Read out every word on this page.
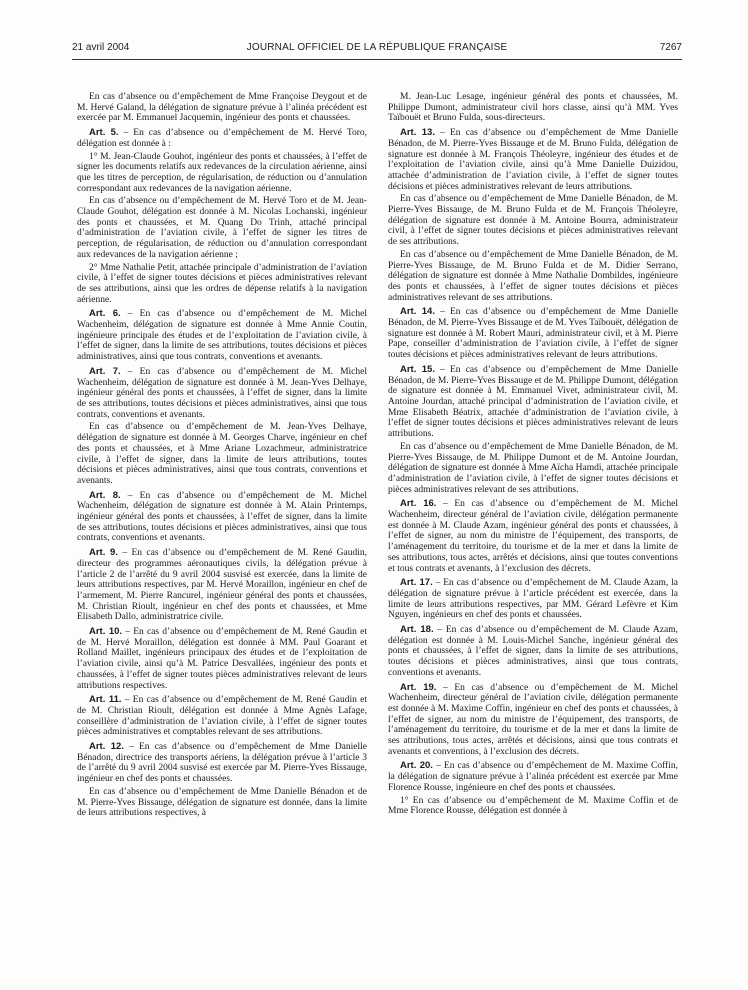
21 avril 2004	JOURNAL OFFICIEL DE LA RÉPUBLIQUE FRANÇAISE	7267

En cas d’absence ou d’empêchement de Mme Françoise Deygout et de M. Hervé Galand, la délégation de signature prévue à l’alinéa précédent est exercée par M. Emmanuel Jacquemin, ingénieur des ponts et chaussées.

Art. 5. – En cas d’absence ou d’empêchement de M. Hervé Toro, délégation est donnée à :

1° M. Jean-Claude Gouhot, ingénieur des ponts et chaussées, à l’effet de signer les documents relatifs aux redevances de la circulation aérienne, ainsi que les titres de perception, de régularisation, de réduction ou d’annulation correspondant aux redevances de la navigation aérienne.

En cas d’absence ou d’empêchement de M. Hervé Toro et de M. Jean-Claude Gouhot, délégation est donnée à M. Nicolas Lochanski, ingénieur des ponts et chaussées, et M. Quang Do Trinh, attaché principal d’administration de l’aviation civile, à l’effet de signer les titres de perception, de régularisation, de réduction ou d’annulation correspondant aux redevances de la navigation aérienne ;

2° Mme Nathalie Petit, attachée principale d’administration de l’aviation civile, à l’effet de signer toutes décisions et pièces administratives relevant de ses attributions, ainsi que les ordres de dépense relatifs à la navigation aérienne.

Art. 6. – En cas d’absence ou d’empêchement de M. Michel Wachenheim, délégation de signature est donnée à Mme Annie Coutin, ingénieure principale des études et de l’exploitation de l’aviation civile, à l’effet de signer, dans la limite de ses attributions, toutes décisions et pièces administratives, ainsi que tous contrats, conventions et avenants.

Art. 7. – En cas d’absence ou d’empêchement de M. Michel Wachenheim, délégation de signature est donnée à M. Jean-Yves Delhaye, ingénieur général des ponts et chaussées, à l’effet de signer, dans la limite de ses attributions, toutes décisions et pièces administratives, ainsi que tous contrats, conventions et avenants.

En cas d’absence ou d’empêchement de M. Jean-Yves Delhaye, délégation de signature est donnée à M. Georges Charve, ingénieur en chef des ponts et chaussées, et à Mme Ariane Lozachmeur, administratrice civile, à l’effet de signer, dans la limite de leurs attributions, toutes décisions et pièces administratives, ainsi que tous contrats, conventions et avenants.

Art. 8. – En cas d’absence ou d’empêchement de M. Michel Wachenheim, délégation de signature est donnée à M. Alain Printemps, ingénieur général des ponts et chaussées, à l’effet de signer, dans la limite de ses attributions, toutes décisions et pièces administratives, ainsi que tous contrats, conventions et avenants.

Art. 9. – En cas d’absence ou d’empêchement de M. René Gaudin, directeur des programmes aéronautiques civils, la délégation prévue à l’article 2 de l’arrêté du 9 avril 2004 susvisé est exercée, dans la limite de leurs attributions respectives, par M. Hervé Moraillon, ingénieur en chef de l’armement, M. Pierre Rancurel, ingénieur général des ponts et chaussées, M. Christian Rioult, ingénieur en chef des ponts et chaussées, et Mme Elisabeth Dallo, administratrice civile.

Art. 10. – En cas d’absence ou d’empêchement de M. René Gaudin et de M. Hervé Moraillon, délégation est donnée à MM. Paul Goarant et Rolland Maillet, ingénieurs principaux des études et de l’exploitation de l’aviation civile, ainsi qu’à M. Patrice Desvallées, ingénieur des ponts et chaussées, à l’effet de signer toutes pièces administratives relevant de leurs attributions respectives.

Art. 11. – En cas d’absence ou d’empêchement de M. René Gaudin et de M. Christian Rioult, délégation est donnée à Mme Agnès Lafage, conseillère d’administration de l’aviation civile, à l’effet de signer toutes pièces administratives et comptables relevant de ses attributions.

Art. 12. – En cas d’absence ou d’empêchement de Mme Danielle Bénadon, directrice des transports aériens, la délégation prévue à l’article 3 de l’arrêté du 9 avril 2004 susvisé est exercée par M. Pierre-Yves Bissauge, ingénieur en chef des ponts et chaussées.

En cas d’absence ou d’empêchement de Mme Danielle Bénadon et de M. Pierre-Yves Bissauge, délégation de signature est donnée, dans la limite de leurs attributions respectives, à

M. Jean-Luc Lesage, ingénieur général des ponts et chaussées, M. Philippe Dumont, administrateur civil hors classe, ainsi qu’à MM. Yves Taïbouët et Bruno Fulda, sous-directeurs.

Art. 13. – En cas d’absence ou d’empêchement de Mme Danielle Bénadon, de M. Pierre-Yves Bissauge et de M. Bruno Fulda, délégation de signature est donnée à M. François Théoleyre, ingénieur des études et de l’exploitation de l’aviation civile, ainsi qu’à Mme Danielle Duizidou, attachée d’administration de l’aviation civile, à l’effet de signer toutes décisions et pièces administratives relevant de leurs attributions.

En cas d’absence ou d’empêchement de Mme Danielle Bénadon, de M. Pierre-Yves Bissauge, de M. Bruno Fulda et de M. François Théoleyre, délégation de signature est donnée à M. Antoine Bourra, administrateur civil, à l’effet de signer toutes décisions et pièces administratives relevant de ses attributions.

En cas d’absence ou d’empêchement de Mme Danielle Bénadon, de M. Pierre-Yves Bissauge, de M. Bruno Fulda et de M. Didier Serrano, délégation de signature est donnée à Mme Nathalie Dombildes, ingénieure des ponts et chaussées, à l’effet de signer toutes décisions et pièces administratives relevant de ses attributions.

Art. 14. – En cas d’absence ou d’empêchement de Mme Danielle Bénadon, de M. Pierre-Yves Bissauge et de M. Yves Taïbouët, délégation de signature est donnée à M. Robert Mauri, administrateur civil, et à M. Pierre Pape, conseiller d’administration de l’aviation civile, à l’effet de signer toutes décisions et pièces administratives relevant de leurs attributions.

Art. 15. – En cas d’absence ou d’empêchement de Mme Danielle Bénadon, de M. Pierre-Yves Bissauge et de M. Philippe Dumont, délégation de signature est donnée à M. Emmanuel Vivet, administrateur civil, M. Antoine Jourdan, attaché principal d’administration de l’aviation civile, et Mme Elisabeth Béatrix, attachée d’administration de l’aviation civile, à l’effet de signer toutes décisions et pièces administratives relevant de leurs attributions.

En cas d’absence ou d’empêchement de Mme Danielle Bénadon, de M. Pierre-Yves Bissauge, de M. Philippe Dumont et de M. Antoine Jourdan, délégation de signature est donnée à Mme Aïcha Hamdi, attachée principale d’administration de l’aviation civile, à l’effet de signer toutes décisions et pièces administratives relevant de ses attributions.

Art. 16. – En cas d’absence ou d’empêchement de M. Michel Wachenheim, directeur général de l’aviation civile, délégation permanente est donnée à M. Claude Azam, ingénieur général des ponts et chaussées, à l’effet de signer, au nom du ministre de l’équipement, des transports, de l’aménagement du territoire, du tourisme et de la mer et dans la limite de ses attributions, tous actes, arrêtés et décisions, ainsi que toutes conventions et tous contrats et avenants, à l’exclusion des décrets.

Art. 17. – En cas d’absence ou d’empêchement de M. Claude Azam, la délégation de signature prévue à l’article précédent est exercée, dans la limite de leurs attributions respectives, par MM. Gérard Lefèvre et Kim Nguyen, ingénieurs en chef des ponts et chaussées.

Art. 18. – En cas d’absence ou d’empêchement de M. Claude Azam, délégation est donnée à M. Louis-Michel Sanche, ingénieur général des ponts et chaussées, à l’effet de signer, dans la limite de ses attributions, toutes décisions et pièces administratives, ainsi que tous contrats, conventions et avenants.

Art. 19. – En cas d’absence ou d’empêchement de M. Michel Wachenheim, directeur général de l’aviation civile, délégation permanente est donnée à M. Maxime Coffin, ingénieur en chef des ponts et chaussées, à l’effet de signer, au nom du ministre de l’équipement, des transports, de l’aménagement du territoire, du tourisme et de la mer et dans la limite de ses attributions, tous actes, arrêtés et décisions, ainsi que tous contrats et avenants et conventions, à l’exclusion des décrets.

Art. 20. – En cas d’absence ou d’empêchement de M. Maxime Coffin, la délégation de signature prévue à l’alinéa précédent est exercée par Mme Florence Rousse, ingénieure en chef des ponts et chaussées.

1° En cas d’absence ou d’empêchement de M. Maxime Coffin et de Mme Florence Rousse, délégation est donnée à
